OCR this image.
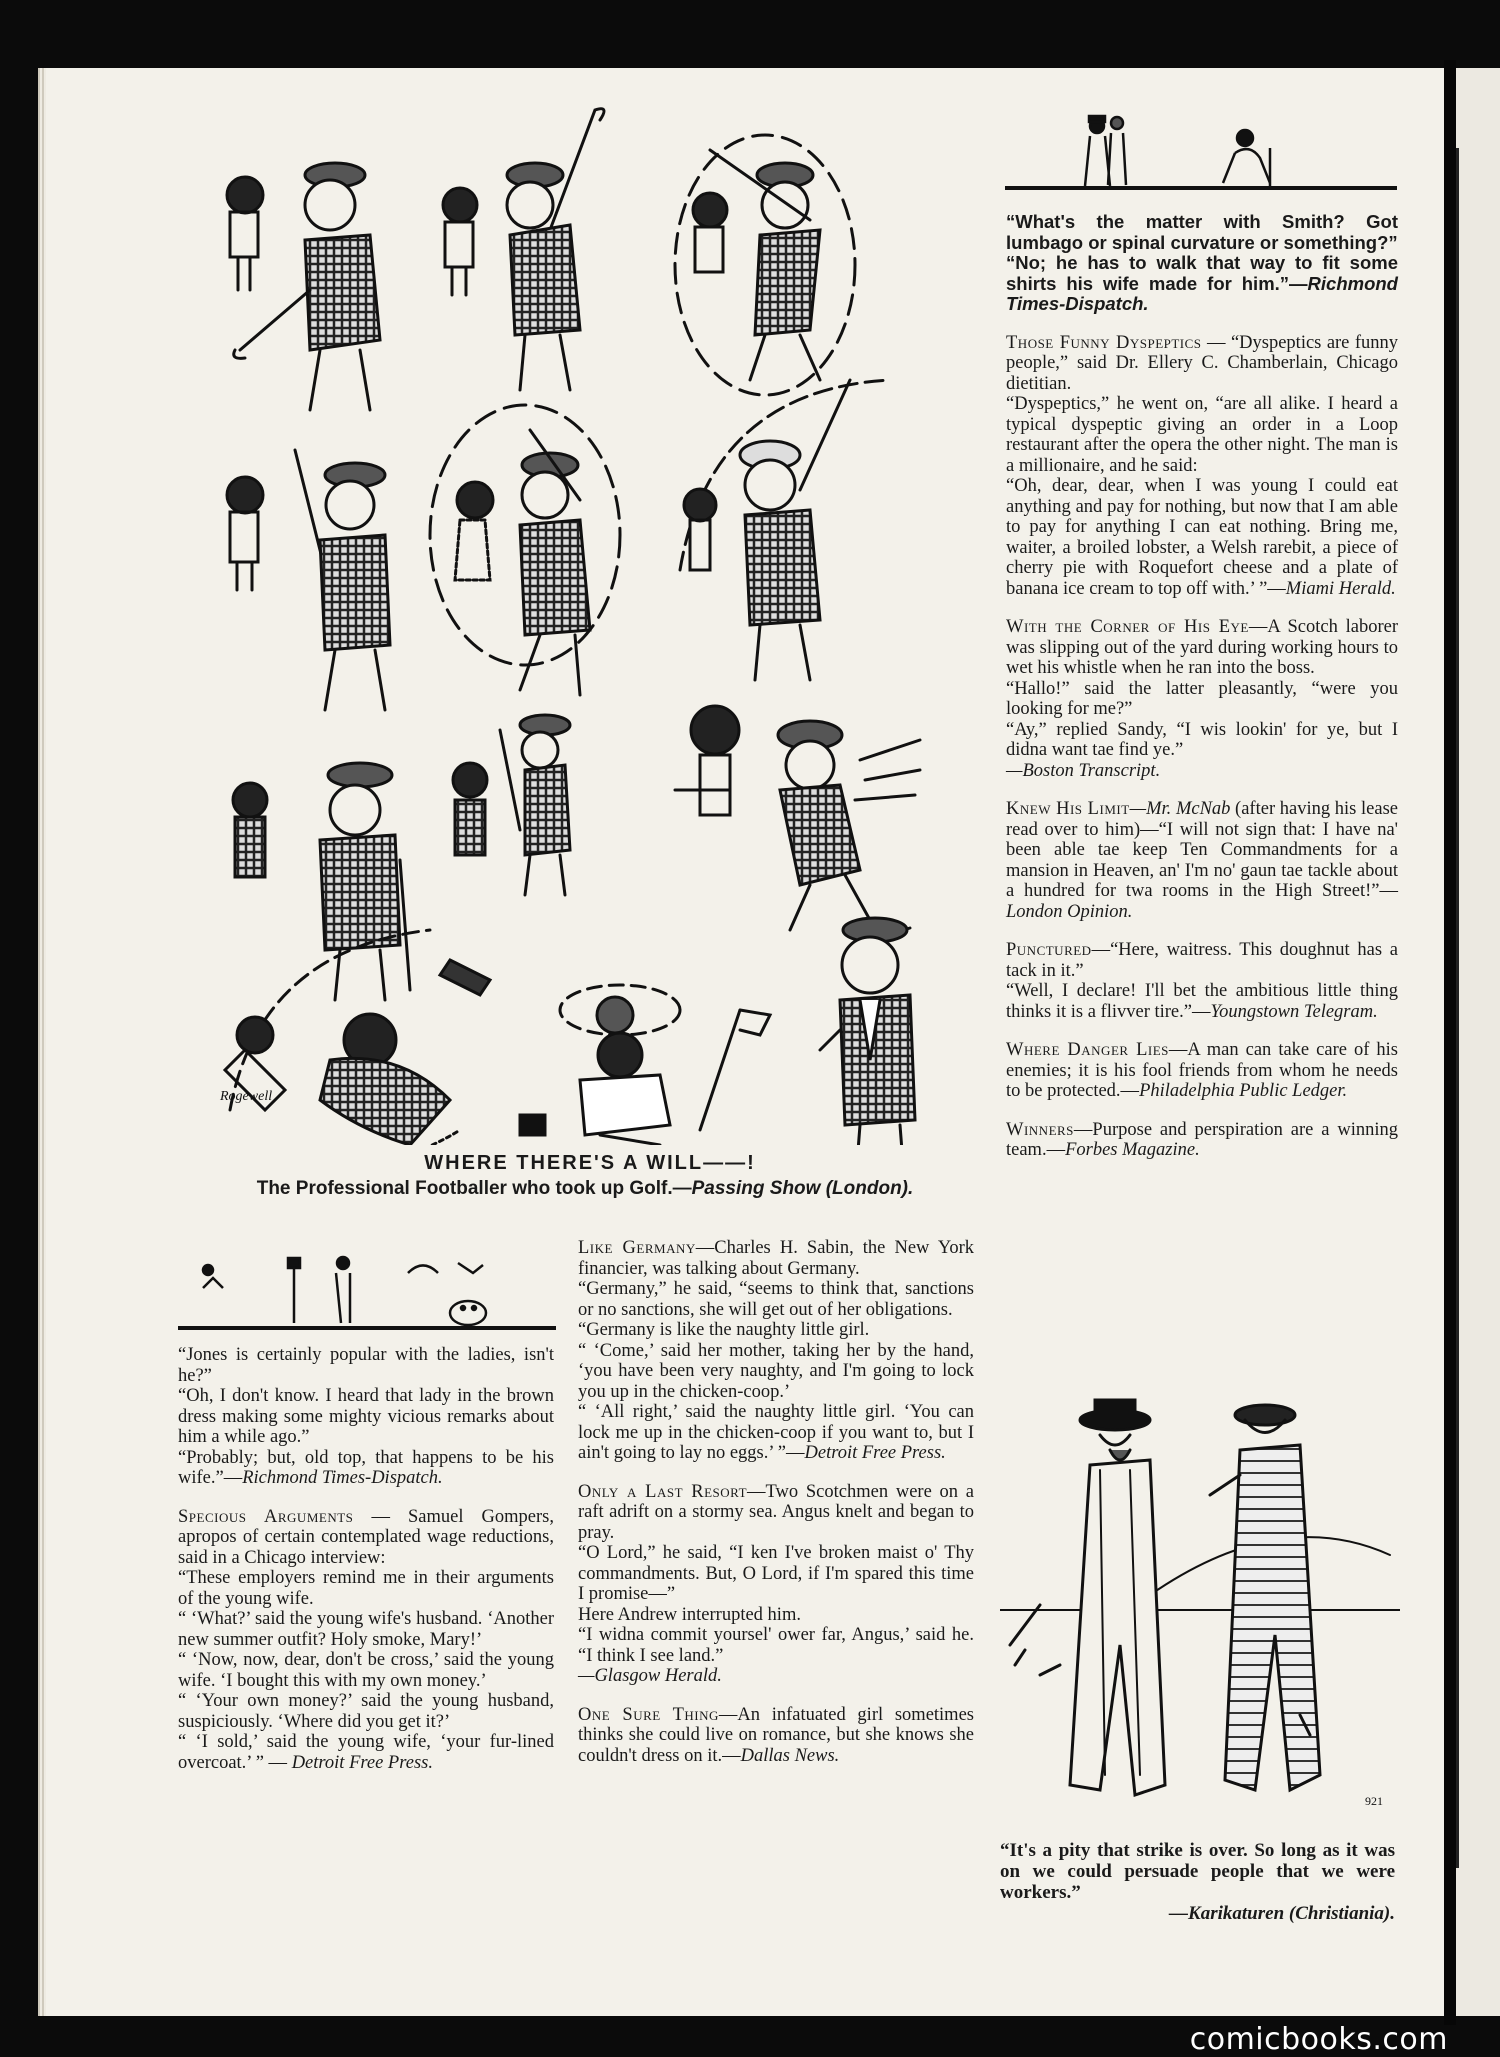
Rogewell
WHERE THERE'S A WILL——!
The Professional Footballer who took up Golf.—Passing Show (London).

“Jones is certainly popular with the ladies, isn't he?”

“Oh, I don't know. I heard that lady in the brown dress making some mighty vicious remarks about him a while ago.”

“Probably; but, old top, that happens to be his wife.”—Richmond Times-Dispatch.

Specious Arguments — Samuel Gompers, apropos of certain contemplated wage reductions, said in a Chicago interview:

“These employers remind me in their arguments of the young wife.

“ ‘What?’ said the young wife's husband. ‘Another new summer outfit? Holy smoke, Mary!’

“ ‘Now, now, dear, don't be cross,’ said the young wife. ‘I bought this with my own money.’

“ ‘Your own money?’ said the young husband, suspiciously. ‘Where did you get it?’

“ ‘I sold,’ said the young wife, ‘your fur-lined overcoat.’ ” — Detroit Free Press.

Like Germany—Charles H. Sabin, the New York financier, was talking about Germany.

“Germany,” he said, “seems to think that, sanctions or no sanctions, she will get out of her obligations.

“Germany is like the naughty little girl.

“ ‘Come,’ said her mother, taking her by the hand, ‘you have been very naughty, and I'm going to lock you up in the chicken-coop.’

“ ‘All right,’ said the naughty little girl. ‘You can lock me up in the chicken-coop if you want to, but I ain't going to lay no eggs.’ ”—Detroit Free Press.

Only a Last Resort—Two Scotchmen were on a raft adrift on a stormy sea. Angus knelt and began to pray.

“O Lord,” he said, “I ken I've broken maist o' Thy commandments. But, O Lord, if I'm spared this time I promise—”

Here Andrew interrupted him.

“I widna commit yoursel' ower far, Angus,’ said he. “I think I see land.”

—Glasgow Herald.

One Sure Thing—An infatuated girl sometimes thinks she could live on romance, but she knows she couldn't dress on it.—Dallas News.

“What's the matter with Smith? Got lumbago or spinal curvature or something?”

“No; he has to walk that way to fit some shirts his wife made for him.”—Richmond Times-Dispatch.

Those Funny Dyspeptics — “Dyspeptics are funny people,” said Dr. Ellery C. Chamberlain, Chicago dietitian.

“Dyspeptics,” he went on, “are all alike. I heard a typical dyspeptic giving an order in a Loop restaurant after the opera the other night. The man is a millionaire, and he said:

“Oh, dear, dear, when I was young I could eat anything and pay for nothing, but now that I am able to pay for anything I can eat nothing. Bring me, waiter, a broiled lobster, a Welsh rarebit, a piece of cherry pie with Roquefort cheese and a plate of banana ice cream to top off with.’ ”—Miami Herald.

With the Corner of His Eye—A Scotch laborer was slipping out of the yard during working hours to wet his whistle when he ran into the boss.

“Hallo!” said the latter pleasantly, “were you looking for me?”

“Ay,” replied Sandy, “I wis lookin' for ye, but I didna want tae find ye.”

—Boston Transcript.

Knew His Limit—Mr. McNab (after having his lease read over to him)—“I will not sign that: I have na' been able tae keep Ten Commandments for a mansion in Heaven, an' I'm no' gaun tae tackle about a hundred for twa rooms in the High Street!”—London Opinion.

Punctured—“Here, waitress. This doughnut has a tack in it.”

“Well, I declare! I'll bet the ambitious little thing thinks it is a flivver tire.”—Youngstown Telegram.

Where Danger Lies—A man can take care of his enemies; it is his fool friends from whom he needs to be protected.—Philadelphia Public Ledger.

Winners—Purpose and perspiration are a winning team.—Forbes Magazine.

921
“It's a pity that strike is over. So long as it was on we could persuade people that we were workers.”
—Karikaturen (Christiania).
comicbooks.com
